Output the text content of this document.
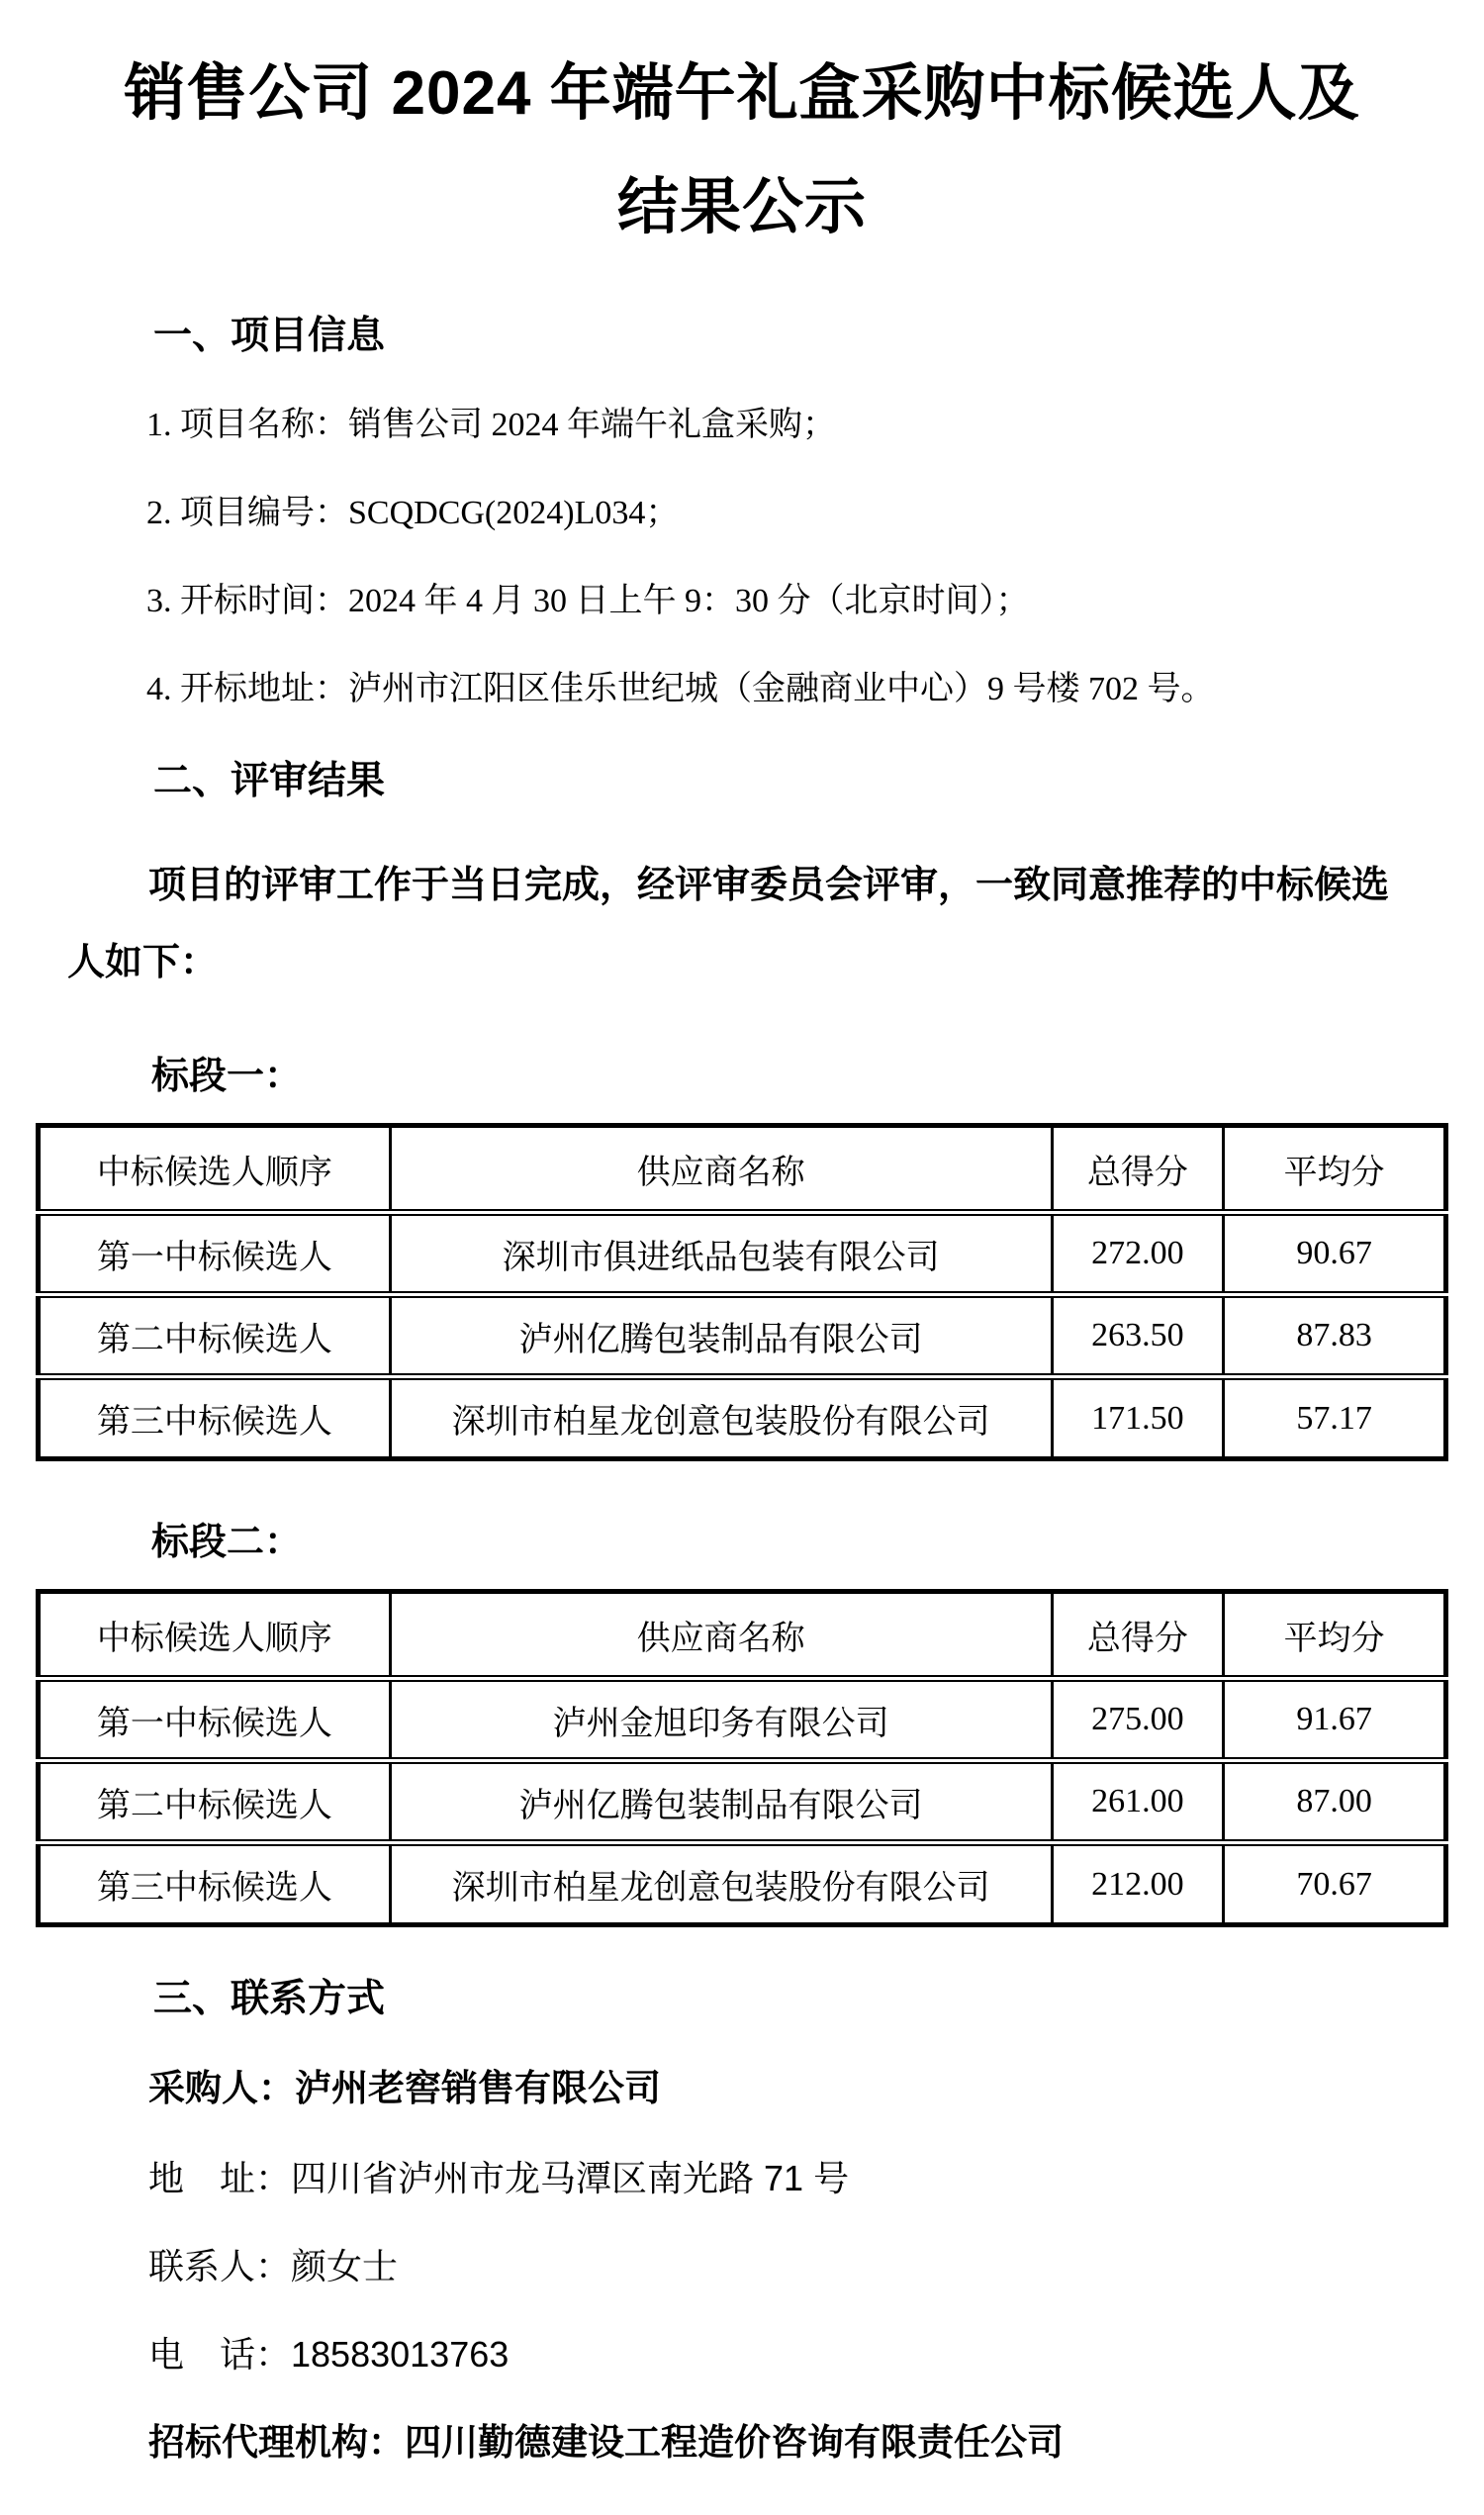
销售公司 2024 年端午礼盒采购中标候选人及结果公示
一、项目信息

1. 项目名称：销售公司 2024 年端午礼盒采购；

2. 项目编号：SCQDCG(2024)L034；

3. 开标时间：2024 年 4 月 30 日上午 9：30 分（北京时间）；

4. 开标地址：泸州市江阳区佳乐世纪城（金融商业中心）9 号楼 702 号。

二、评审结果

项目的评审工作于当日完成，经评审委员会评审，一致同意推荐的中标候选人如下：

标段一：
中标候选人顺序	供应商名称	总得分	平均分
第一中标候选人	深圳市俱进纸品包装有限公司	272.00	90.67
第二中标候选人	泸州亿腾包装制品有限公司	263.50	87.83
第三中标候选人	深圳市柏星龙创意包装股份有限公司	171.50	57.17
标段二：
中标候选人顺序	供应商名称	总得分	平均分
第一中标候选人	泸州金旭印务有限公司	275.00	91.67
第二中标候选人	泸州亿腾包装制品有限公司	261.00	87.00
第三中标候选人	深圳市柏星龙创意包装股份有限公司	212.00	70.67
三、联系方式

采购人：泸州老窖销售有限公司

地　址：四川省泸州市龙马潭区南光路 71 号

联系人：颜女士

电　话：18583013763

招标代理机构：四川勤德建设工程造价咨询有限责任公司
